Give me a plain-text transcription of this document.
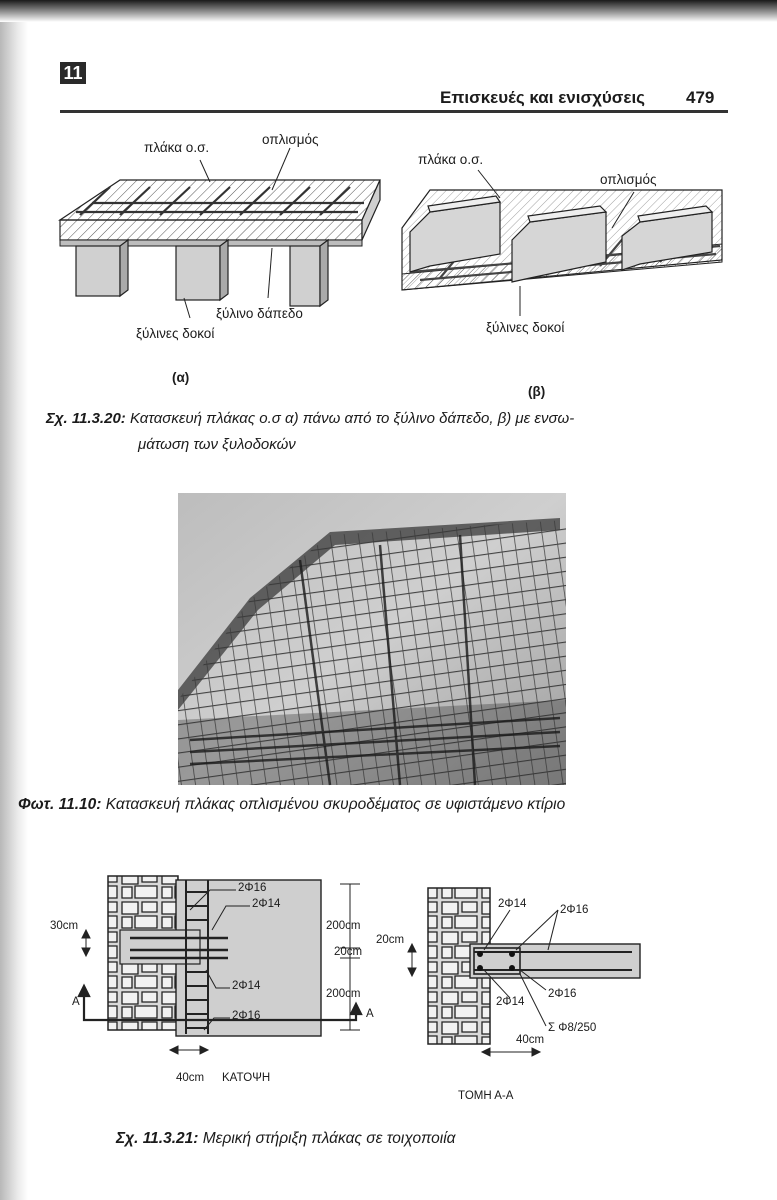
11
Επισκευές και ενισχύσεις 479
πλάκα ο.σ.
οπλισμός
ξύλινο δάπεδο
ξύλινες δοκοί
(α)
πλάκα ο.σ.
οπλισμός
ξύλινες δοκοί
(β)
Σχ. 11.3.20: Κατασκευή πλάκας ο.σ α) πάνω από το ξύλινο δάπεδο, β) με ενσω-
μάτωση των ξυλοδοκών
Φωτ. 11.10: Κατασκευή πλάκας οπλισμένου σκυροδέματος σε υφιστάμενο κτίριο
2Φ16
2Φ14
2Φ14
2Φ16
200cm
20cm
200cm
30cm
Α
Α
40cm ΚΑΤΟΨΗ
2Φ14	2Φ16
20cm
2Φ14
2Φ16
Σ Φ8/250
40cm
ΤΟΜΗ Α-Α
Σχ. 11.3.21: Μερική στήριξη πλάκας σε τοιχοποιία
